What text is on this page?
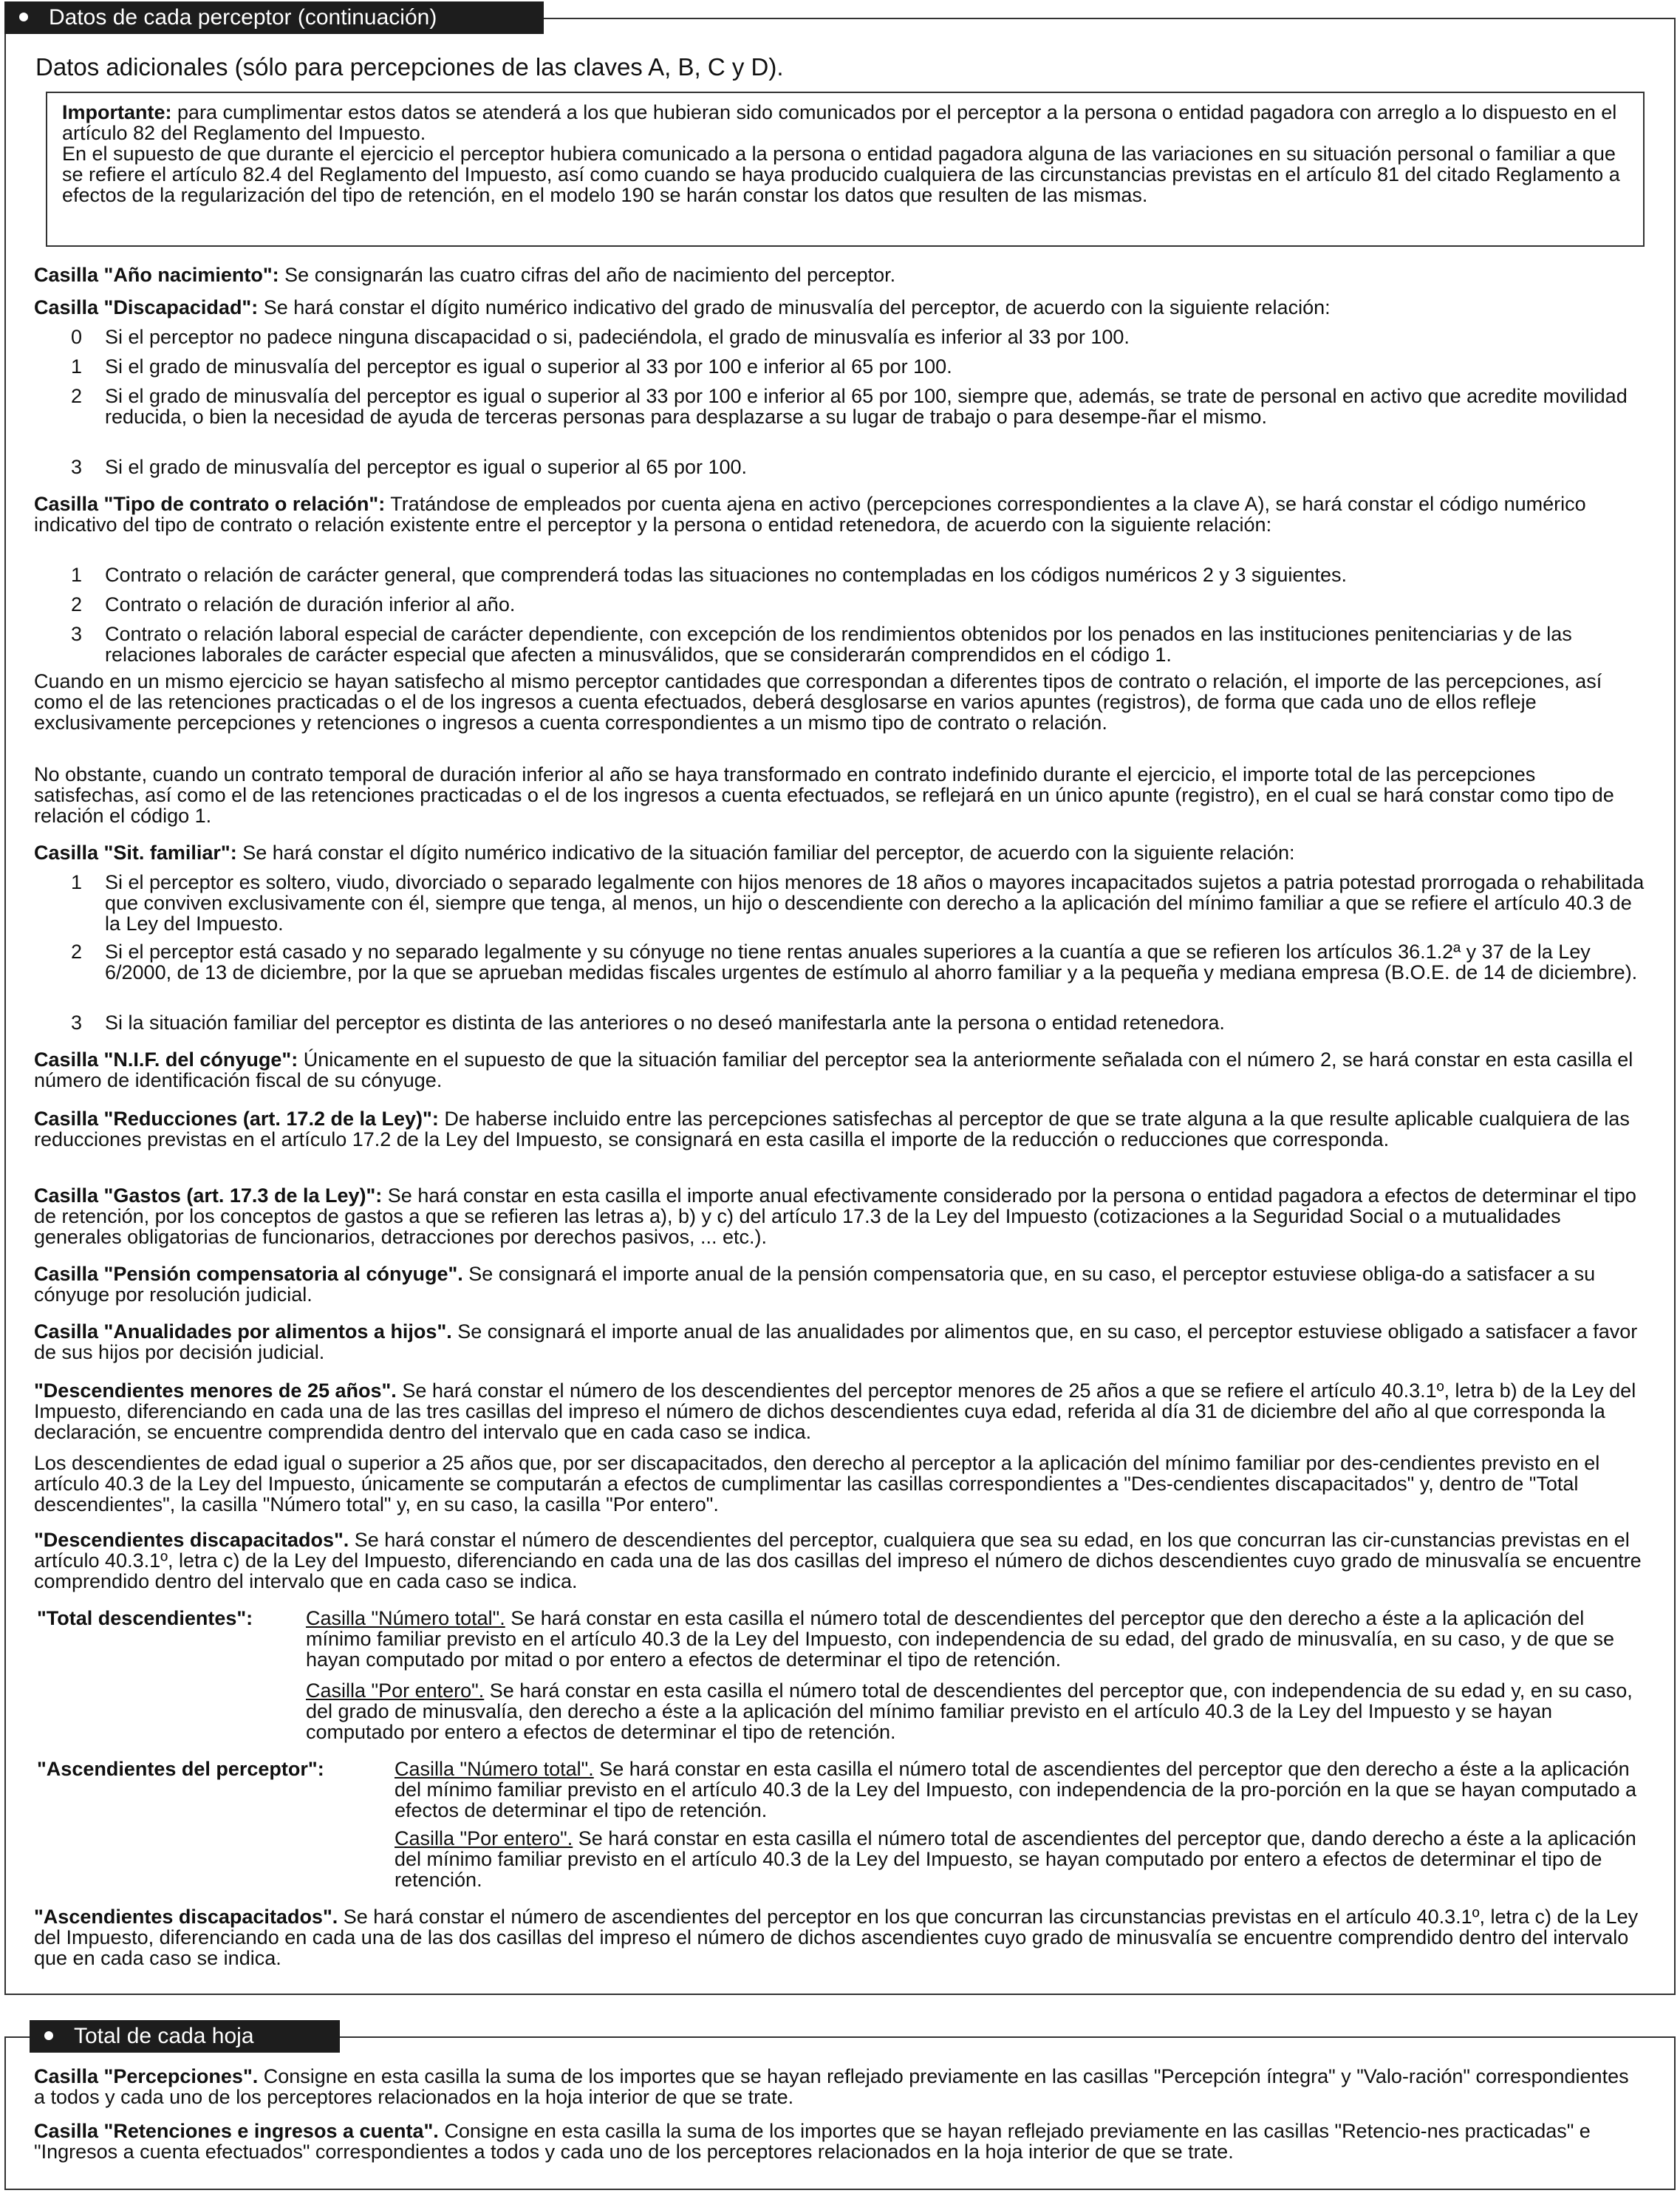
Datos de cada perceptor (continuación)
Datos adicionales (sólo para percepciones de las claves A, B, C y D).

Importante: para cumplimentar estos datos se atenderá a los que hubieran sido comunicados por el perceptor a la persona o entidad pagadora con arreglo a lo dispuesto en el artículo 82 del Reglamento del Impuesto.

En el supuesto de que durante el ejercicio el perceptor hubiera comunicado a la persona o entidad pagadora alguna de las variaciones en su situación personal o familiar a que se refiere el artículo 82.4 del Reglamento del Impuesto, así como cuando se haya producido cualquiera de las circunstancias previstas en el artículo 81 del citado Reglamento a efectos de la regularización del tipo de retención, en el modelo 190 se harán constar los datos que resulten de las mismas.

Casilla "Año nacimiento": Se consignarán las cuatro cifras del año de nacimiento del perceptor.

Casilla "Discapacidad": Se hará constar el dígito numérico indicativo del grado de minusvalía del perceptor, de acuerdo con la siguiente relación:

0	Si el perceptor no padece ninguna discapacidad o si, padeciéndola, el grado de minusvalía es inferior al 33 por 100.
1	Si el grado de minusvalía del perceptor es igual o superior al 33 por 100 e inferior al 65 por 100.
2	Si el grado de minusvalía del perceptor es igual o superior al 33 por 100 e inferior al 65 por 100, siempre que, además, se trate de personal en activo que acredite movilidad reducida, o bien la necesidad de ayuda de terceras personas para desplazarse a su lugar de trabajo o para desempe-ñar el mismo.
3	Si el grado de minusvalía del perceptor es igual o superior al 65 por 100.

Casilla "Tipo de contrato o relación": Tratándose de empleados por cuenta ajena en activo (percepciones correspondientes a la clave A), se hará constar el código numérico indicativo del tipo de contrato o relación existente entre el perceptor y la persona o entidad retenedora, de acuerdo con la siguiente relación:

1	Contrato o relación de carácter general, que comprenderá todas las situaciones no contempladas en los códigos numéricos 2 y 3 siguientes.
2	Contrato o relación de duración inferior al año.
3	Contrato o relación laboral especial de carácter dependiente, con excepción de los rendimientos obtenidos por los penados en las instituciones penitenciarias y de las relaciones laborales de carácter especial que afecten a minusválidos, que se considerarán comprendidos en el código 1.

Cuando en un mismo ejercicio se hayan satisfecho al mismo perceptor cantidades que correspondan a diferentes tipos de contrato o relación, el importe de las percepciones, así como el de las retenciones practicadas o el de los ingresos a cuenta efectuados, deberá desglosarse en varios apuntes (registros), de forma que cada uno de ellos refleje exclusivamente percepciones y retenciones o ingresos a cuenta correspondientes a un mismo tipo de contrato o relación.

No obstante, cuando un contrato temporal de duración inferior al año se haya transformado en contrato indefinido durante el ejercicio, el importe total de las percepciones satisfechas, así como el de las retenciones practicadas o el de los ingresos a cuenta efectuados, se reflejará en un único apunte (registro), en el cual se hará constar como tipo de relación el código 1.

Casilla "Sit. familiar": Se hará constar el dígito numérico indicativo de la situación familiar del perceptor, de acuerdo con la siguiente relación:

1	Si el perceptor es soltero, viudo, divorciado o separado legalmente con hijos menores de 18 años o mayores incapacitados sujetos a patria potestad prorrogada o rehabilitada que conviven exclusivamente con él, siempre que tenga, al menos, un hijo o descendiente con derecho a la aplicación del mínimo familiar a que se refiere el artículo 40.3 de la Ley del Impuesto.
2	Si el perceptor está casado y no separado legalmente y su cónyuge no tiene rentas anuales superiores a la cuantía a que se refieren los artículos 36.1.2ª y 37 de la Ley 6/2000, de 13 de diciembre, por la que se aprueban medidas fiscales urgentes de estímulo al ahorro familiar y a la pequeña y mediana empresa (B.O.E. de 14 de diciembre).
3	Si la situación familiar del perceptor es distinta de las anteriores o no deseó manifestarla ante la persona o entidad retenedora.

Casilla "N.I.F. del cónyuge": Únicamente en el supuesto de que la situación familiar del perceptor sea la anteriormente señalada con el número 2, se hará constar en esta casilla el número de identificación fiscal de su cónyuge.

Casilla "Reducciones (art. 17.2 de la Ley)": De haberse incluido entre las percepciones satisfechas al perceptor de que se trate alguna a la que resulte aplicable cualquiera de las reducciones previstas en el artículo 17.2 de la Ley del Impuesto, se consignará en esta casilla el importe de la reducción o reducciones que corresponda.

Casilla "Gastos (art. 17.3 de la Ley)": Se hará constar en esta casilla el importe anual efectivamente considerado por la persona o entidad pagadora a efectos de determinar el tipo de retención, por los conceptos de gastos a que se refieren las letras a), b) y c) del artículo 17.3 de la Ley del Impuesto (cotizaciones a la Seguridad Social o a mutualidades generales obligatorias de funcionarios, detracciones por derechos pasivos, ... etc.).

Casilla "Pensión compensatoria al cónyuge". Se consignará el importe anual de la pensión compensatoria que, en su caso, el perceptor estuviese obliga-do a satisfacer a su cónyuge por resolución judicial.

Casilla "Anualidades por alimentos a hijos". Se consignará el importe anual de las anualidades por alimentos que, en su caso, el perceptor estuviese obligado a satisfacer a favor de sus hijos por decisión judicial.

"Descendientes menores de 25 años". Se hará constar el número de los descendientes del perceptor menores de 25 años a que se refiere el artículo 40.3.1º, letra b) de la Ley del Impuesto, diferenciando en cada una de las tres casillas del impreso el número de dichos descendientes cuya edad, referida al día 31 de diciembre del año al que corresponda la declaración, se encuentre comprendida dentro del intervalo que en cada caso se indica.

Los descendientes de edad igual o superior a 25 años que, por ser discapacitados, den derecho al perceptor a la aplicación del mínimo familiar por des-cendientes previsto en el artículo 40.3 de la Ley del Impuesto, únicamente se computarán a efectos de cumplimentar las casillas correspondientes a "Des-cendientes discapacitados" y, dentro de "Total descendientes", la casilla "Número total" y, en su caso, la casilla "Por entero".

"Descendientes discapacitados". Se hará constar el número de descendientes del perceptor, cualquiera que sea su edad, en los que concurran las cir-cunstancias previstas en el artículo 40.3.1º, letra c) de la Ley del Impuesto, diferenciando en cada una de las dos casillas del impreso el número de dichos descendientes cuyo grado de minusvalía se encuentre comprendido dentro del intervalo que en cada caso se indica.

"Total descendientes":	Casilla "Número total". Se hará constar en esta casilla el número total de descendientes del perceptor que den derecho a éste a la aplicación del mínimo familiar previsto en el artículo 40.3 de la Ley del Impuesto, con independencia de su edad, del grado de minusvalía, en su caso, y de que se hayan computado por mitad o por entero a efectos de determinar el tipo de retención.
Casilla "Por entero". Se hará constar en esta casilla el número total de descendientes del perceptor que, con independencia de su edad y, en su caso, del grado de minusvalía, den derecho a éste a la aplicación del mínimo familiar previsto en el artículo 40.3 de la Ley del Impuesto y se hayan computado por entero a efectos de determinar el tipo de retención.
"Ascendientes del perceptor":	Casilla "Número total". Se hará constar en esta casilla el número total de ascendientes del perceptor que den derecho a éste a la aplicación del mínimo familiar previsto en el artículo 40.3 de la Ley del Impuesto, con independencia de la pro-porción en la que se hayan computado a efectos de determinar el tipo de retención.
Casilla "Por entero". Se hará constar en esta casilla el número total de ascendientes del perceptor que, dando derecho a éste a la aplicación del mínimo familiar previsto en el artículo 40.3 de la Ley del Impuesto, se hayan computado por entero a efectos de determinar el tipo de retención.

"Ascendientes discapacitados". Se hará constar el número de ascendientes del perceptor en los que concurran las circunstancias previstas en el artículo 40.3.1º, letra c) de la Ley del Impuesto, diferenciando en cada una de las dos casillas del impreso el número de dichos ascendientes cuyo grado de minusvalía se encuentre comprendido dentro del intervalo que en cada caso se indica.

Total de cada hoja

Casilla "Percepciones". Consigne en esta casilla la suma de los importes que se hayan reflejado previamente en las casillas "Percepción íntegra" y "Valo-ración" correspondientes a todos y cada uno de los perceptores relacionados en la hoja interior de que se trate.

Casilla "Retenciones e ingresos a cuenta". Consigne en esta casilla la suma de los importes que se hayan reflejado previamente en las casillas "Retencio-nes practicadas" e "Ingresos a cuenta efectuados" correspondientes a todos y cada uno de los perceptores relacionados en la hoja interior de que se trate.
